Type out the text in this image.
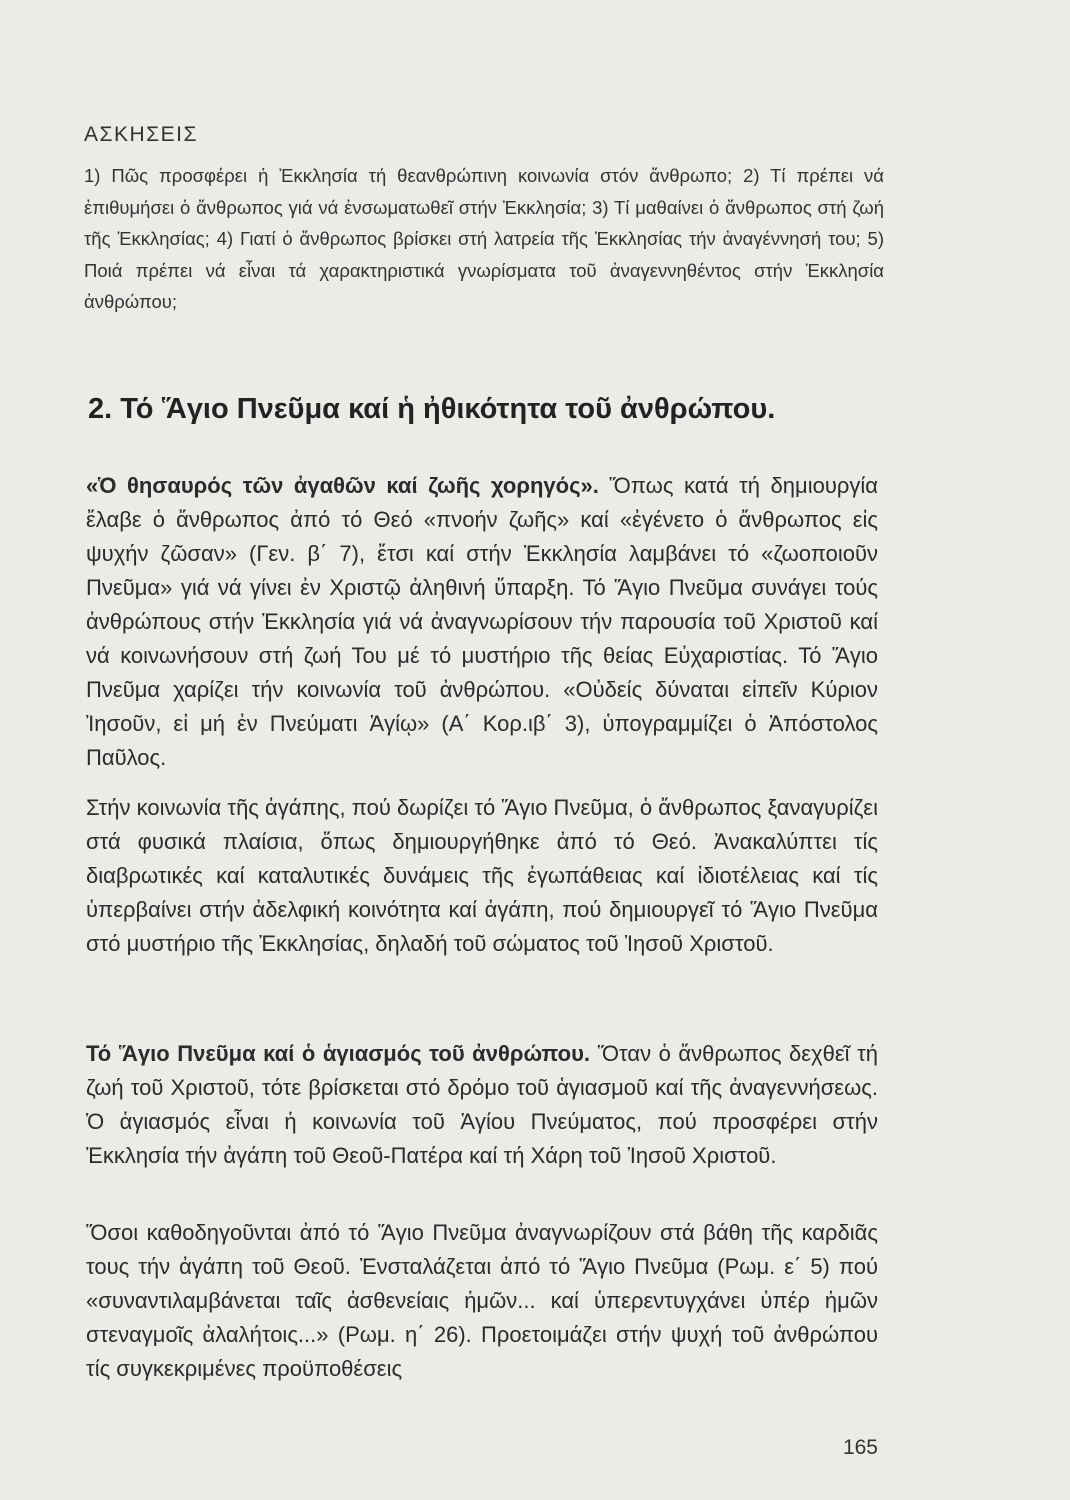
ΑΣΚΗΣΕΙΣ
1) Πῶς προσφέρει ἡ Ἐκκλησία τή θεανθρώπινη κοινωνία στόν ἄνθρωπο; 2) Τί πρέπει νά ἐπιθυμήσει ὁ ἄνθρωπος γιά νά ἐνσωματωθεῖ στήν Ἐκκλησία; 3) Τί μαθαίνει ὁ ἄνθρωπος στή ζωή τῆς Ἐκκλησίας; 4) Γιατί ὁ ἄνθρωπος βρίσκει στή λατρεία τῆς Ἐκκλησίας τήν ἀναγέννησή του; 5) Ποιά πρέπει νά εἶναι τά χαρακτηριστικά γνωρίσματα τοῦ ἀναγεννηθέντος στήν Ἐκκλησία ἀνθρώπου;
2. Τό Ἅγιο Πνεῦμα καί ἡ ἠθικότητα τοῦ ἀνθρώπου.
«Ὁ θησαυρός τῶν ἀγαθῶν καί ζωῆς χορηγός». Ὅπως κατά τή δημιουργία ἔλαβε ὁ ἄνθρωπος ἀπό τό Θεό «πνοήν ζωῆς» καί «ἐγένετο ὁ ἄνθρωπος εἰς ψυχήν ζῶσαν» (Γεν. β΄ 7), ἔτσι καί στήν Ἐκκλησία λαμβάνει τό «ζωοποιοῦν Πνεῦμα» γιά νά γίνει ἐν Χριστῷ ἀληθινή ὕπαρξη. Τό Ἅγιο Πνεῦμα συνάγει τούς ἀνθρώπους στήν Ἐκκλησία γιά νά ἀναγνωρίσουν τήν παρουσία τοῦ Χριστοῦ καί νά κοινωνήσουν στή ζωή Του μέ τό μυστήριο τῆς θείας Εὐχαριστίας. Τό Ἅγιο Πνεῦμα χαρίζει τήν κοινωνία τοῦ ἀνθρώπου. «Οὐδείς δύναται εἰπεῖν Κύριον Ἰησοῦν, εἰ μή ἐν Πνεύματι Ἁγίῳ» (Α΄ Κορ.ιβ΄ 3), ὑπογραμμίζει ὁ Ἀπόστολος Παῦλος.
Στήν κοινωνία τῆς ἀγάπης, πού δωρίζει τό Ἅγιο Πνεῦμα, ὁ ἄνθρωπος ξαναγυρίζει στά φυσικά πλαίσια, ὅπως δημιουργήθηκε ἀπό τό Θεό. Ἀνακαλύπτει τίς διαβρωτικές καί καταλυτικές δυνάμεις τῆς ἐγωπάθειας καί ἰδιοτέλειας καί τίς ὑπερβαίνει στήν ἀδελφική κοινότητα καί ἀγάπη, πού δημιουργεῖ τό Ἅγιο Πνεῦμα στό μυστήριο τῆς Ἐκκλησίας, δηλαδή τοῦ σώματος τοῦ Ἰησοῦ Χριστοῦ.
Τό Ἅγιο Πνεῦμα καί ὁ ἁγιασμός τοῦ ἀνθρώπου. Ὅταν ὁ ἄνθρωπος δεχθεῖ τή ζωή τοῦ Χριστοῦ, τότε βρίσκεται στό δρόμο τοῦ ἁγιασμοῦ καί τῆς ἀναγεννήσεως. Ὁ ἁγιασμός εἶναι ἡ κοινωνία τοῦ Ἁγίου Πνεύματος, πού προσφέρει στήν Ἐκκλησία τήν ἀγάπη τοῦ Θεοῦ-Πατέρα καί τή Χάρη τοῦ Ἰησοῦ Χριστοῦ.
Ὅσοι καθοδηγοῦνται ἀπό τό Ἅγιο Πνεῦμα ἀναγνωρίζουν στά βάθη τῆς καρδιᾶς τους τήν ἀγάπη τοῦ Θεοῦ. Ἐνσταλάζεται ἀπό τό Ἅγιο Πνεῦμα (Ρωμ. ε΄ 5) πού «συναντιλαμβάνεται ταῖς ἀσθενείαις ἡμῶν... καί ὑπερεντυγχάνει ὑπέρ ἡμῶν στεναγμοῖς ἀλαλήτοις...» (Ρωμ. η΄ 26). Προετοιμάζει στήν ψυχή τοῦ ἀνθρώπου τίς συγκεκριμένες προϋποθέσεις
165
